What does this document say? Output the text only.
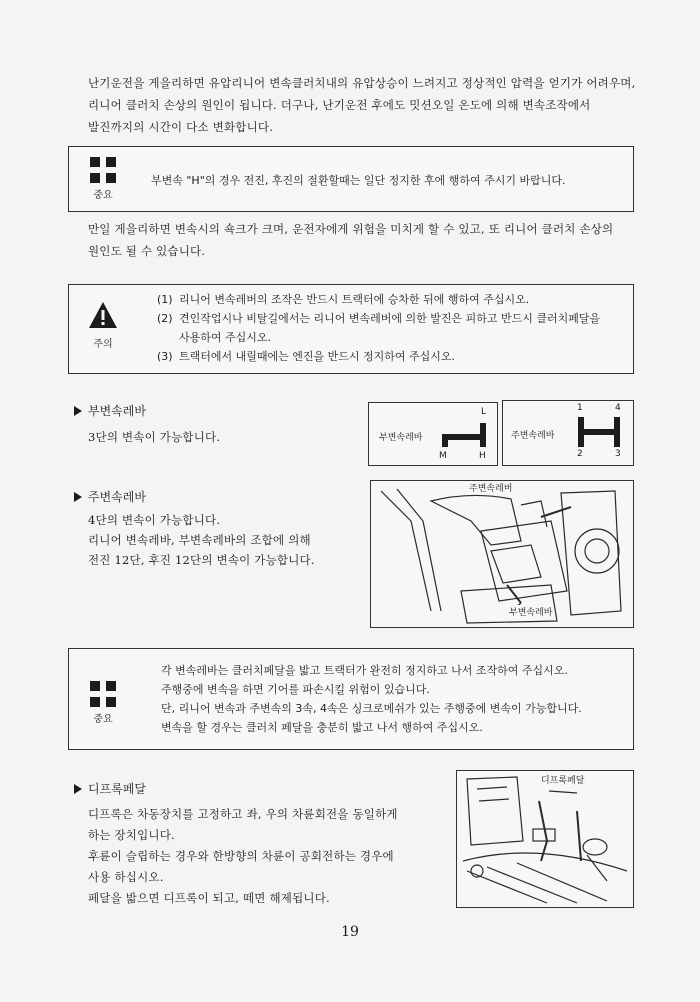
난기운전을 게을리하면 유압리니어 변속클러치내의 유압상승이 느려지고 정상적인 압력을 얻기가 어려우며,
리니어 클러치 손상의 원인이 됩니다. 더구나, 난기운전 후에도 밋션오일 온도에 의해 변속조작에서
발진까지의 시간이 다소 변화합니다.
중요
부변속 "H"의 경우 전진, 후진의 절환할때는 일단 정지한 후에 행하여 주시기 바랍니다.
만일 게을리하면 변속시의 쇽크가 크며, 운전자에게 위험을 미치게 할 수 있고, 또 리니어 클러치 손상의
원인도 될 수 있습니다.
주의
(1) 리니어 변속레버의 조작은 반드시 트랙터에 승차한 뒤에 행하여 주십시오.
(2) 견인작업시나 비탈길에서는 리니어 변속레버에 의한 발진은 피하고 반드시 클러치페달을
사용하여 주십시오.
(3) 트랙터에서 내릴때에는 엔진을 반드시 정지하여 주십시오.
부변속레바
3단의 변속이 가능합니다.	부변속레바
L
M	H
주변속레바
1	4
2	3
주변속레바
4단의 변속이 가능합니다.
리니어 변속레바, 부변속레바의 조합에 의해
전진 12단, 후진 12단의 변속이 가능합니다.
주변속레버
부변속레바
중요
각 변속레바는 클러치페달을 밟고 트랙터가 완전히 정지하고 나서 조작하여 주십시오.
주행중에 변속을 하면 기어를 파손시킬 위험이 있습니다.
단, 리니어 변속과 주변속의 3속, 4속은 싱크로메쉬가 있는 주행중에 변속이 가능합니다.
변속을 할 경우는 클러치 페달을 충분히 밟고 나서 행하여 주십시오.
디프록페달
디프록은 차동장치를 고정하고 좌, 우의 차륜회전을 동일하게
하는 장치입니다.
후륜이 슬립하는 경우와 한방향의 차륜이 공회전하는 경우에
사용 하십시오.
페달을 밟으면 디프록이 되고, 떼면 해제됩니다.
디프록페달
19
